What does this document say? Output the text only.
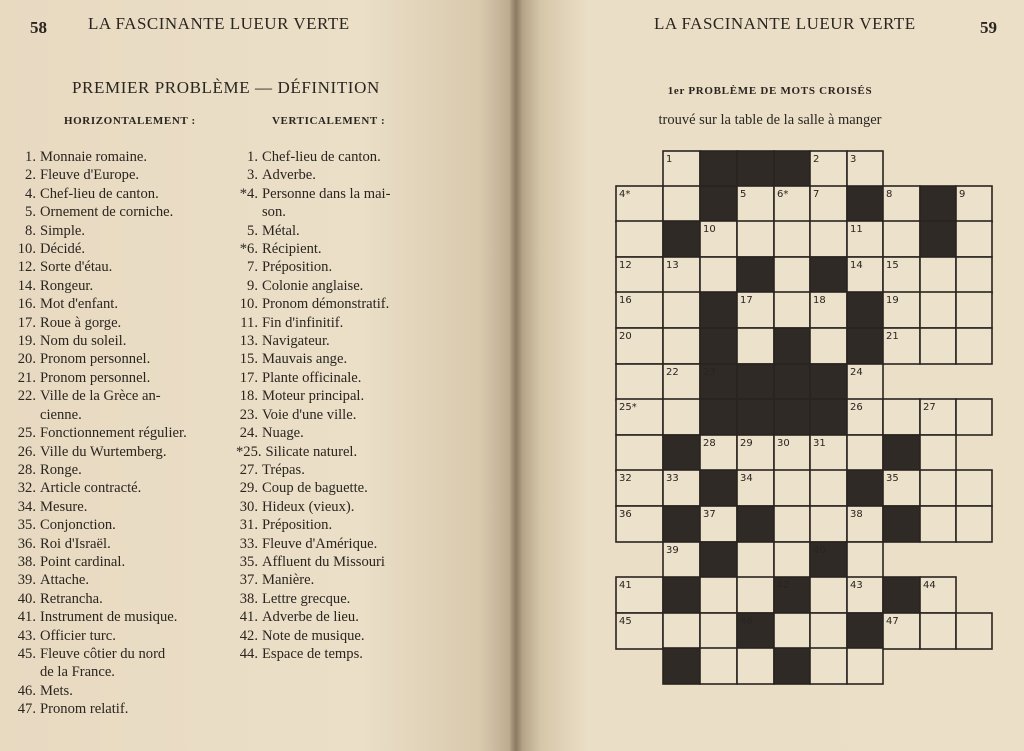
58 LA FASCINANTE LUEUR VERTE
PREMIER PROBLÈME — DÉFINITION
HORIZONTALEMENT :	VERTICALEMENT :
1. Monnaie romaine.
2. Fleuve d'Europe.
4. Chef-lieu de canton.
5. Ornement de corniche.
8. Simple.
10. Décidé.
12. Sorte d'étau.
14. Rongeur.
16. Mot d'enfant.
17. Roue à gorge.
19. Nom du soleil.
20. Pronom personnel.
21. Pronom personnel.
22. Ville de la Grèce an-
cienne.
25. Fonctionnement régulier.
26. Ville du Wurtemberg.
28. Ronge.
32. Article contracté.
34. Mesure.
35. Conjonction.
36. Roi d'Israël.
38. Point cardinal.
39. Attache.
40. Retrancha.
41. Instrument de musique.
43. Officier turc.
45. Fleuve côtier du nord
de la France.
46. Mets.
47. Pronom relatif.
1. Chef-lieu de canton.
3. Adverbe.
*4. Personne dans la mai-
son.
5. Métal.
*6. Récipient.
7. Préposition.
9. Colonie anglaise.
10. Pronom démonstratif.
11. Fin d'infinitif.
13. Navigateur.
15. Mauvais ange.
17. Plante officinale.
18. Moteur principal.
23. Voie d'une ville.
24. Nuage.
*25. Silicate naturel.
27. Trépas.
29. Coup de baguette.
30. Hideux (vieux).
31. Préposition.
33. Fleuve d'Amérique.
35. Affluent du Missouri
37. Manière.
38. Lettre grecque.
41. Adverbe de lieu.
42. Note de musique.
44. Espace de temps.
LA FASCINANTE LUEUR VERTE	59
1er PROBLÈME DE MOTS CROISÉS
trouvé sur la table de la salle à manger
1	2	3
4*	5	6* 7	8	9
10	11
12	13	14 15
16	17	18	19
20	21
22 23	24
25*	26	27
28 29 30 31
32	33	34	35
36	37	38
39	40
41	42	43	44
45	46	47
